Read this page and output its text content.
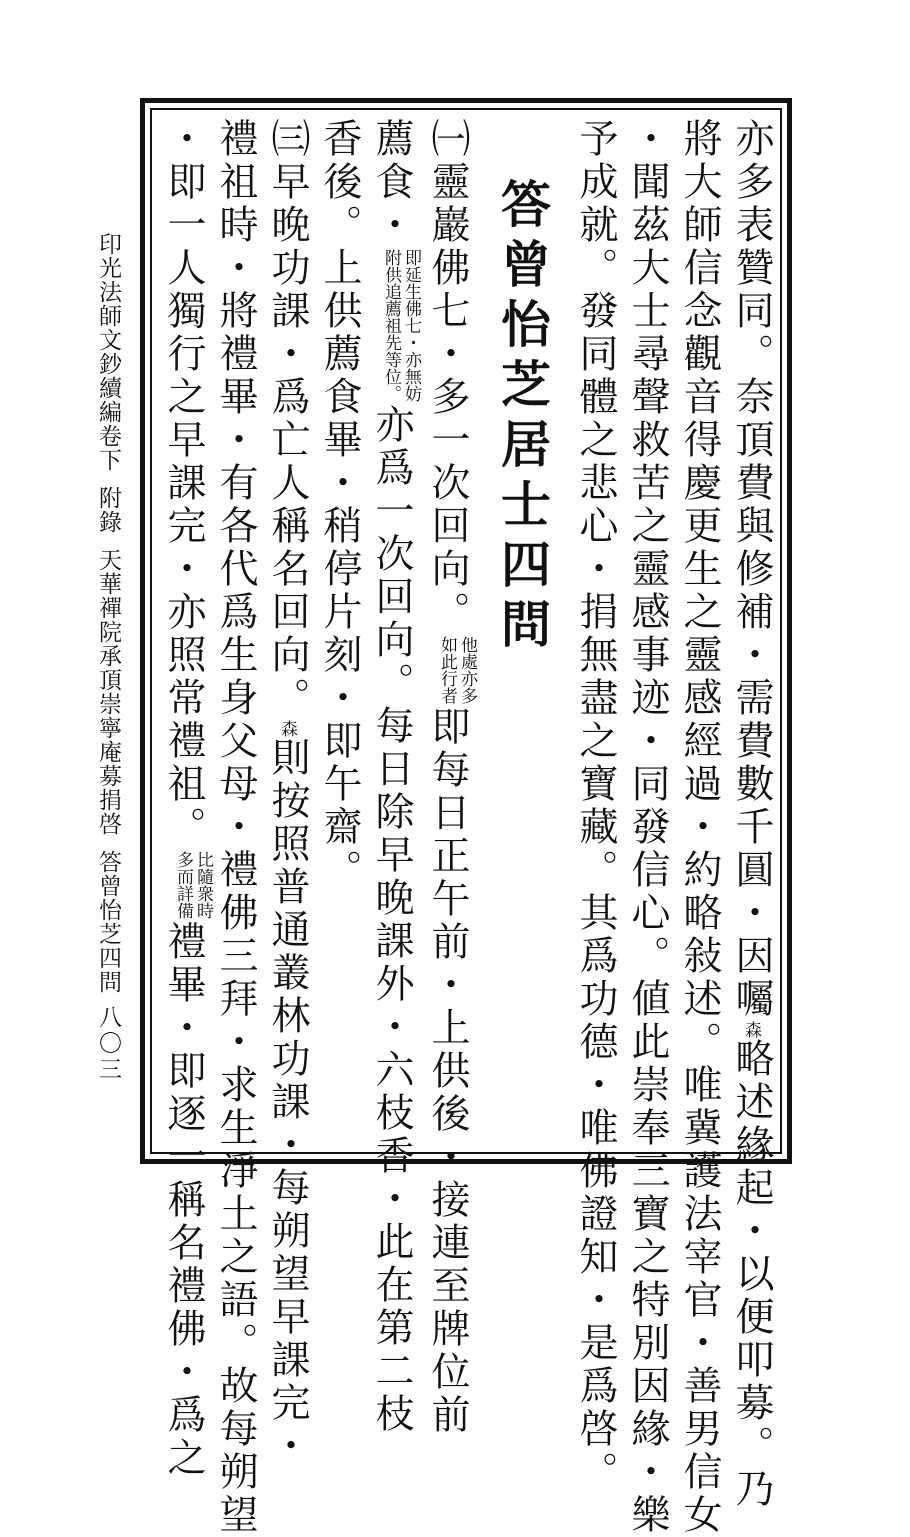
亦多表贊同。奈頂費與修補・需費數千圓・因囑$^森$略述緣起・以便叩募。乃
將大師信念觀音得慶更生之靈感經過・約略敍述。唯冀護法宰官・善男信女
・聞茲大士尋聲救苦之靈感事迹・同發信心。値此崇奉三寶之特別因緣・樂
予成就。發同體之悲心・捐無盡之寶藏。其爲功德・唯佛證知・是爲啓。
答曾怡芝居士四問
㈠靈巖佛七・多一次回向。
他處亦多
如此行者
即每日正午前・上供後・接連至牌位前
薦食・
即延生佛七・亦無妨
附供追薦祖先等位。
亦爲一次回向。每日除早晚課外・六枝香・此在第二枝
香後。上供薦食畢・稍停片刻・即午齋。
㈢早晚功課・爲亡人稱名回向。$^森$則按照普通叢林功課・每朔望早課完・
禮祖時・將禮畢・有各代爲生身父母・禮佛三拜・求生淨土之語。故每朔望
・即一人獨行之早課完・亦照常禮祖。
比隨衆時
多而詳備
禮畢・即逐一稱名禮佛・爲之
印光法師文鈔續編卷下附錄天華禪院承頂崇寧庵募捐啓答曾怡芝四問
八〇三
